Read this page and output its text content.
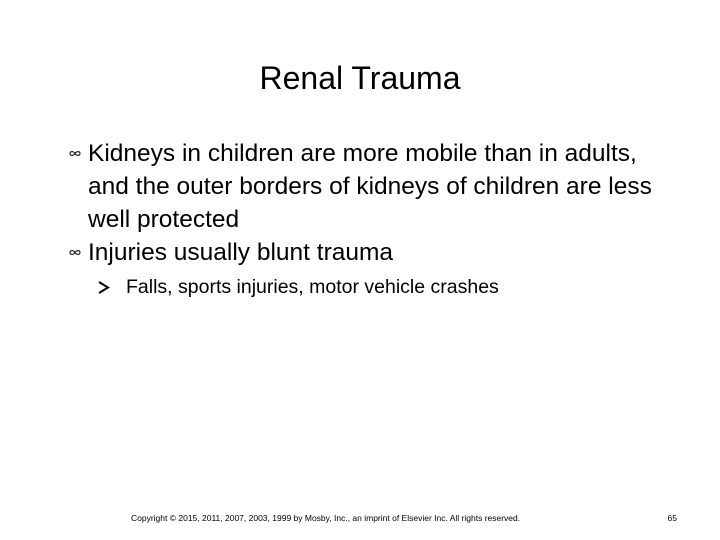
Renal Trauma
Kidneys in children are more mobile than in adults, and the outer borders of kidneys of children are less well protected
Injuries usually blunt trauma
Falls, sports injuries, motor vehicle crashes
Copyright © 2015, 2011, 2007, 2003, 1999 by Mosby, Inc., an imprint of Elsevier Inc. All rights reserved.	65
